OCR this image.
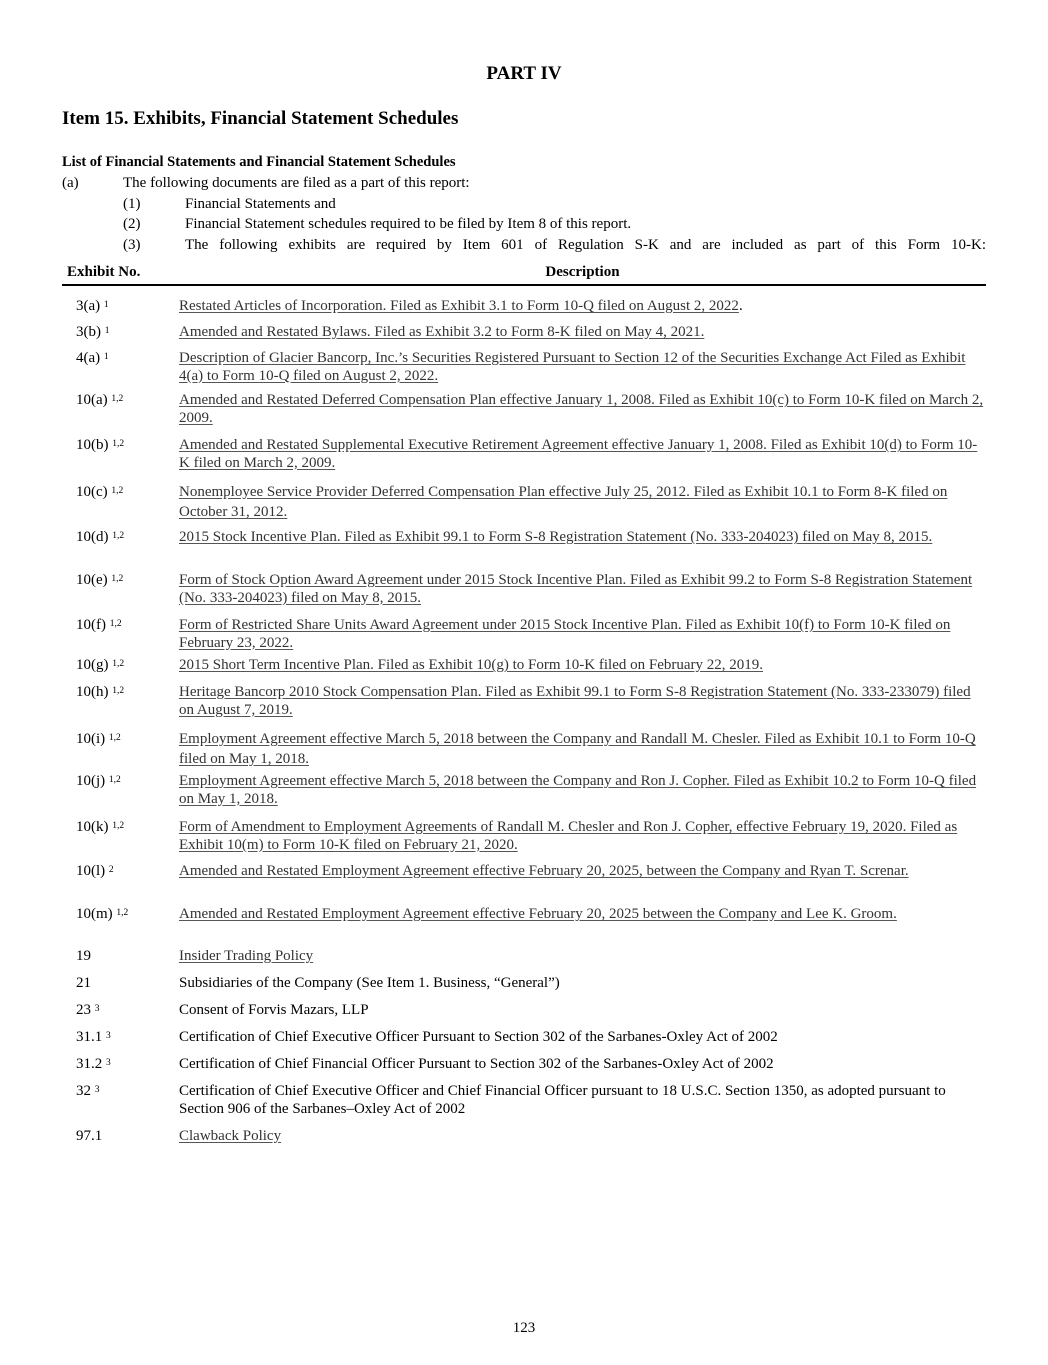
PART IV
Item 15. Exhibits, Financial Statement Schedules
List of Financial Statements and Financial Statement Schedules
(a)	The following documents are filed as a part of this report:
(1)	Financial Statements and
(2)	Financial Statement schedules required to be filed by Item 8 of this report.
(3)	The following exhibits are required by Item 601 of Regulation S-K and are included as part of this Form 10-K:
Exhibit No.	Description
3(a) $^1$	Restated Articles of Incorporation. Filed as Exhibit 3.1 to Form 10-Q filed on August 2, 2022.
3(b) $^1$	Amended and Restated Bylaws. Filed as Exhibit 3.2 to Form 8-K filed on May 4, 2021.
4(a) $^1$	Description of Glacier Bancorp, Inc.’s Securities Registered Pursuant to Section 12 of the Securities Exchange Act Filed as Exhibit 4(a) to Form 10-Q filed on August 2, 2022.
10(a) $^{1,2}$	Amended and Restated Deferred Compensation Plan effective January 1, 2008. Filed as Exhibit 10(c) to Form 10-K filed on March 2, 2009.
10(b) $^{1,2}$	Amended and Restated Supplemental Executive Retirement Agreement effective January 1, 2008. Filed as Exhibit 10(d) to Form 10-K filed on March 2, 2009.
10(c) $^{1,2}$	Nonemployee Service Provider Deferred Compensation Plan effective July 25, 2012. Filed as Exhibit 10.1 to Form 8-K filed on October 31, 2012.
10(d) $^{1,2}$	2015 Stock Incentive Plan. Filed as Exhibit 99.1 to Form S-8 Registration Statement (No. 333-204023) filed on May 8, 2015.
10(e) $^{1,2}$	Form of Stock Option Award Agreement under 2015 Stock Incentive Plan. Filed as Exhibit 99.2 to Form S-8 Registration Statement (No. 333-204023) filed on May 8, 2015.
10(f) $^{1,2}$	Form of Restricted Share Units Award Agreement under 2015 Stock Incentive Plan. Filed as Exhibit 10(f) to Form 10-K filed on February 23, 2022.
10(g) $^{1,2}$	2015 Short Term Incentive Plan. Filed as Exhibit 10(g) to Form 10-K filed on February 22, 2019.
10(h) $^{1,2}$	Heritage Bancorp 2010 Stock Compensation Plan. Filed as Exhibit 99.1 to Form S-8 Registration Statement (No. 333-233079) filed on August 7, 2019.
10(i) $^{1,2}$	Employment Agreement effective March 5, 2018 between the Company and Randall M. Chesler. Filed as Exhibit 10.1 to Form 10-Q filed on May 1, 2018.
10(j) $^{1,2}$	Employment Agreement effective March 5, 2018 between the Company and Ron J. Copher. Filed as Exhibit 10.2 to Form 10-Q filed on May 1, 2018.
10(k) $^{1,2}$	Form of Amendment to Employment Agreements of Randall M. Chesler and Ron J. Copher, effective February 19, 2020. Filed as Exhibit 10(m) to Form 10-K filed on February 21, 2020.
10(l) $^2$	Amended and Restated Employment Agreement effective February 20, 2025, between the Company and Ryan T. Screnar.
10(m) $^{1,2}$	Amended and Restated Employment Agreement effective February 20, 2025 between the Company and Lee K. Groom.
19	Insider Trading Policy
21	Subsidiaries of the Company (See Item 1. Business, “General”)
23 $^3$	Consent of Forvis Mazars, LLP
31.1 $^3$	Certification of Chief Executive Officer Pursuant to Section 302 of the Sarbanes-Oxley Act of 2002
31.2 $^3$	Certification of Chief Financial Officer Pursuant to Section 302 of the Sarbanes-Oxley Act of 2002
32 $^3$	Certification of Chief Executive Officer and Chief Financial Officer pursuant to 18 U.S.C. Section 1350, as adopted pursuant to Section 906 of the Sarbanes–Oxley Act of 2002
97.1	Clawback Policy
123
